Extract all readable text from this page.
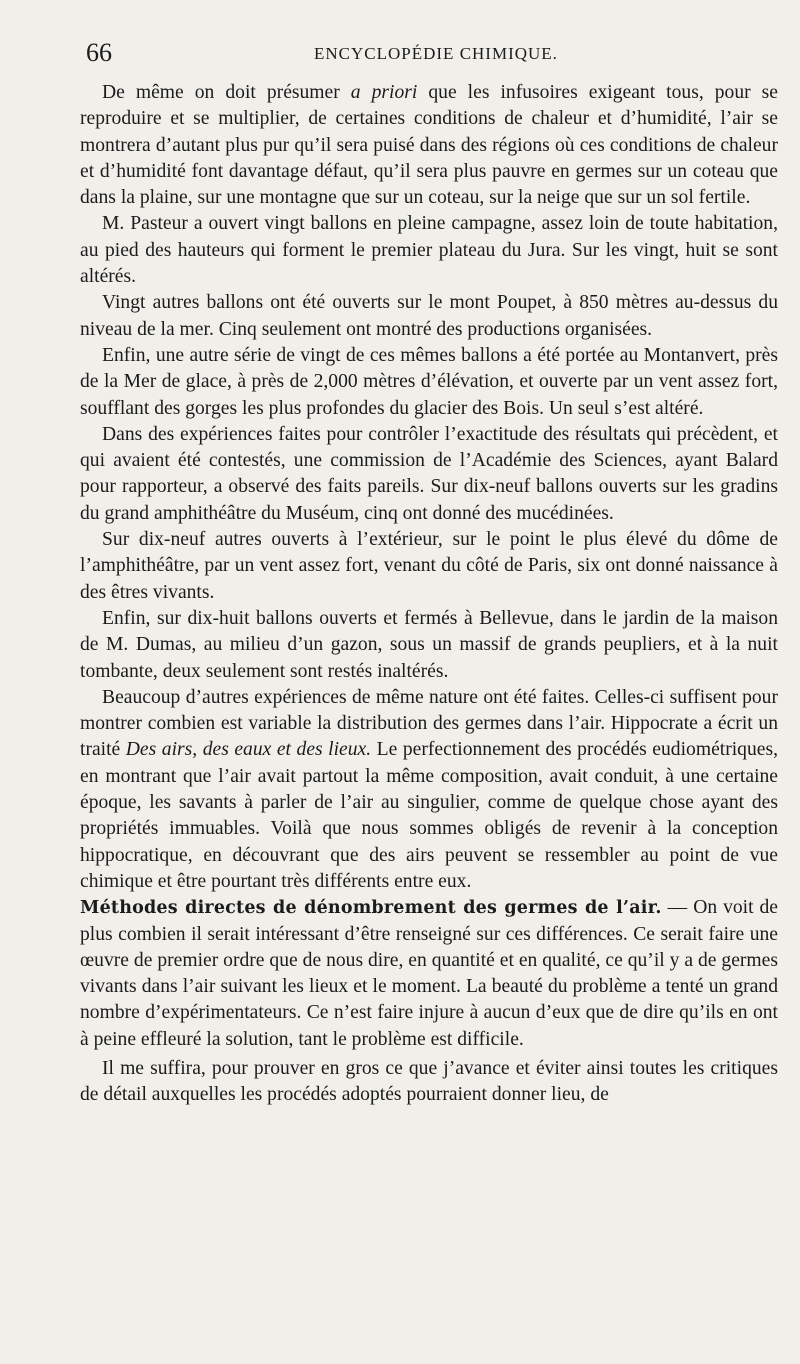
66	ENCYCLOPÉDIE CHIMIQUE.

De même on doit présumer a priori que les infusoires exigeant tous, pour se reproduire et se multiplier, de certaines conditions de chaleur et d’humidité, l’air se montrera d’autant plus pur qu’il sera puisé dans des régions où ces conditions de chaleur et d’humidité font davantage défaut, qu’il sera plus pauvre en germes sur un coteau que dans la plaine, sur une montagne que sur un coteau, sur la neige que sur un sol fertile.

M. Pasteur a ouvert vingt ballons en pleine campagne, assez loin de toute habitation, au pied des hauteurs qui forment le premier plateau du Jura. Sur les vingt, huit se sont altérés.

Vingt autres ballons ont été ouverts sur le mont Poupet, à 850 mètres au-dessus du niveau de la mer. Cinq seulement ont montré des productions organisées.

Enfin, une autre série de vingt de ces mêmes ballons a été portée au Montanvert, près de la Mer de glace, à près de 2,000 mètres d’élévation, et ouverte par un vent assez fort, soufflant des gorges les plus profondes du glacier des Bois. Un seul s’est altéré.

Dans des expériences faites pour contrôler l’exactitude des résultats qui précèdent, et qui avaient été contestés, une commission de l’Académie des Sciences, ayant Balard pour rapporteur, a observé des faits pareils. Sur dix-neuf ballons ouverts sur les gradins du grand amphithéâtre du Muséum, cinq ont donné des mucédinées.

Sur dix-neuf autres ouverts à l’extérieur, sur le point le plus élevé du dôme de l’amphithéâtre, par un vent assez fort, venant du côté de Paris, six ont donné naissance à des êtres vivants.

Enfin, sur dix-huit ballons ouverts et fermés à Bellevue, dans le jardin de la maison de M. Dumas, au milieu d’un gazon, sous un massif de grands peupliers, et à la nuit tombante, deux seulement sont restés inaltérés.

Beaucoup d’autres expériences de même nature ont été faites. Celles-ci suffisent pour montrer combien est variable la distribution des germes dans l’air. Hippocrate a écrit un traité Des airs, des eaux et des lieux. Le perfectionnement des procédés eudiométriques, en montrant que l’air avait partout la même composition, avait conduit, à une certaine époque, les savants à parler de l’air au singulier, comme de quelque chose ayant des propriétés immuables. Voilà que nous sommes obligés de revenir à la conception hippocratique, en découvrant que des airs peuvent se ressembler au point de vue chimique et être pourtant très différents entre eux.

Méthodes directes de dénombrement des germes de l’air. — On voit de plus combien il serait intéressant d’être renseigné sur ces différences. Ce serait faire une œuvre de premier ordre que de nous dire, en quantité et en qualité, ce qu’il y a de germes vivants dans l’air suivant les lieux et le moment. La beauté du problème a tenté un grand nombre d’expérimentateurs. Ce n’est faire injure à aucun d’eux que de dire qu’ils en ont à peine effleuré la solution, tant le problème est difficile.

Il me suffira, pour prouver en gros ce que j’avance et éviter ainsi toutes les critiques de détail auxquelles les procédés adoptés pourraient donner lieu, de
